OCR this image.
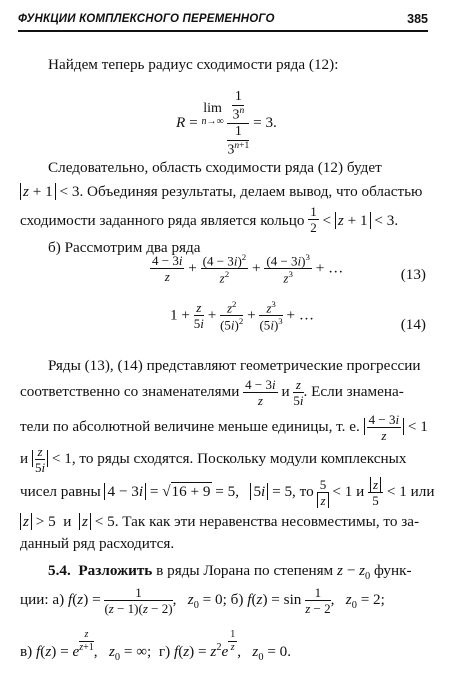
ФУНКЦИИ КОМПЛЕКСНОГО ПЕРЕМЕННОГО	385
Найдем теперь радиус сходимости ряда (12):
R = lim
$n\to\infty \frac{\frac{1}{3^n}}{\frac{1}{3^{n+1}}} = 3$.
Следовательно, область сходимости ряда (12) будет
z + 1 < 3. Объединяя результаты, делаем вывод, что областью
сходимости заданного ряда является кольцо $\frac{1}{2} < z + 1 < 3$.
б) Рассмотрим два ряда
$\frac{4 - 3i}{z} + \frac{(4 - 3i)^2}{z^2} + \frac{(4 - 3i)^3}{z^3}$ + …	(13)
$1 + \frac{z}{5i} + \frac{z^2}{(5i)^2} + \frac{z^3}{(5i)^3}$ + …
(14)
Ряды (13), (14) представляют геометрические прогрессии
соответственно со знаменателями $\frac{4 - 3i}{z}$ и $\frac{z}{5i}$ . Если знамена-
тели по абсолютной величине меньше единицы, т. е. $\frac{4 - 3i}{z} < 1$
и $\frac{z}{5i} < 1$, то ряды сходятся. Поскольку модули комплексных
чисел равны 4 − 3i = √16 + 9 = 5,   5i = 5, то $\frac{5}{z} < 1$ и $\frac{z}{5} < 1$ или
z > 5  и  z < 5. Так как эти неравенства несовместимы, то за-
данный ряд расходится.
5.4. Разложить в ряды Лорана по степеням $z - z_0$ функ-
ции: а) $f(z) = \frac{1}{(z - 1)(z - 2)}$ ,   $z_0 = 0$; б) $f(z) = \sin \frac{1}{z - 2}$ ,   $z_0 = 2$;
в) f(z) = e $^{\frac{z}{z+1}}$ ,   $z_0$ = ∞;  г) $f(z) = z^2e$ $^{\frac{1}{z}}$ ,   $z_0 = 0$.
